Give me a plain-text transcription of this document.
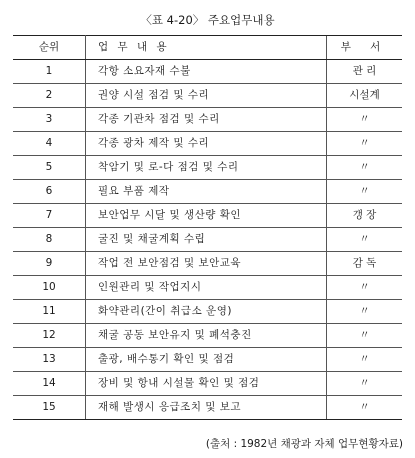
〈표 4-20〉 주요업무내용
순위	업 무 내 용	부 서
1	각항 소요자재 수불	관 리
2	권양 시설 점검 및 수리	시설계
3	각종 기관차 점검 및 수리	〃
4	각종 광차 제작 및 수리	〃
5	착암기 및 로-다 점검 및 수리	〃
6	필요 부품 제작	〃
7	보안업무 시달 및 생산량 확인	갱 장
8	굴진 및 채굴계획 수립	〃
9	작업 전 보안점검 및 보안교육	감 독
10	인원관리 및 작업지시	〃
11	화약관리(간이 취급소 운영)	〃
12	채굴 공동 보안유지 및 폐석충진	〃
13	출광, 배수통기 확인 및 점검	〃
14	장비 및 항내 시설물 확인 및 점검	〃
15	재해 발생시 응급조치 및 보고	〃
(출처 : 1982년 채광과 자체 업무현황자료)
